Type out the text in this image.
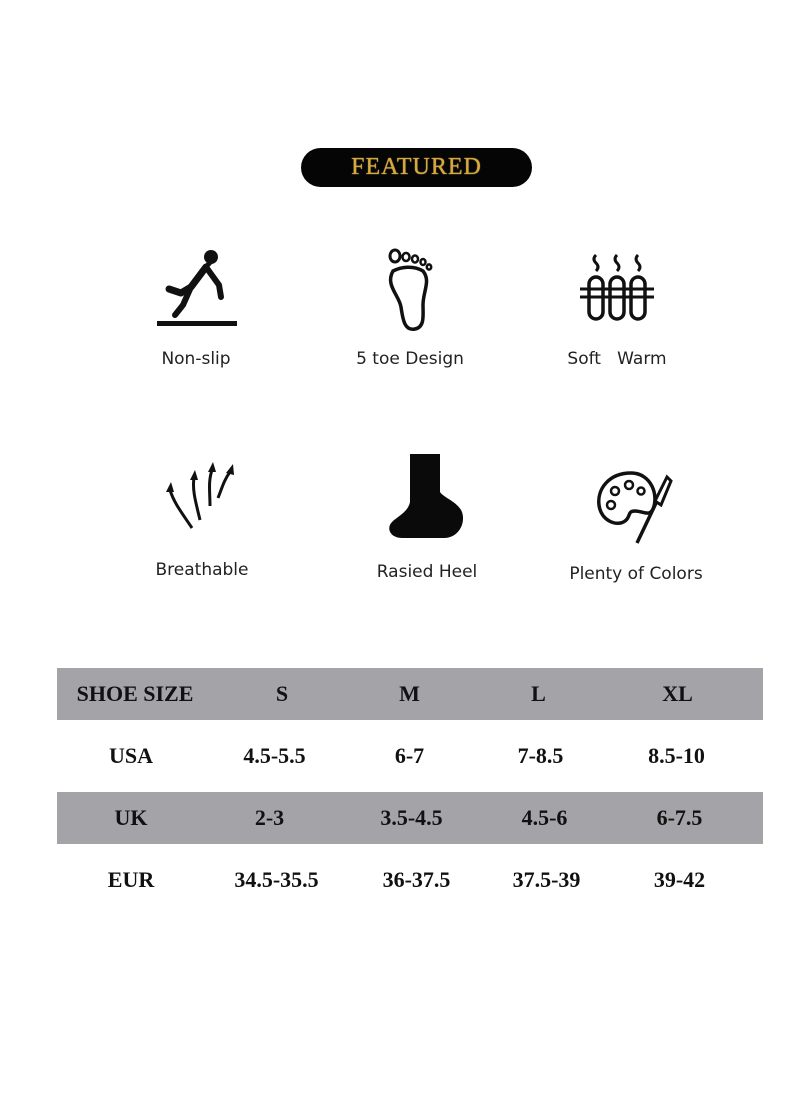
FEATURED
Non-slip	5 toe Design	Soft   Warm
Breathable	Rasied Heel	Plenty of Colors
SHOE SIZE	S	M	L	XL
USA	4.5-5.5	6-7	7-8.5	8.5-10
UK	2-3	3.5-4.5	4.5-6	6-7.5
EUR	34.5-35.5	36-37.5	37.5-39	39-42
